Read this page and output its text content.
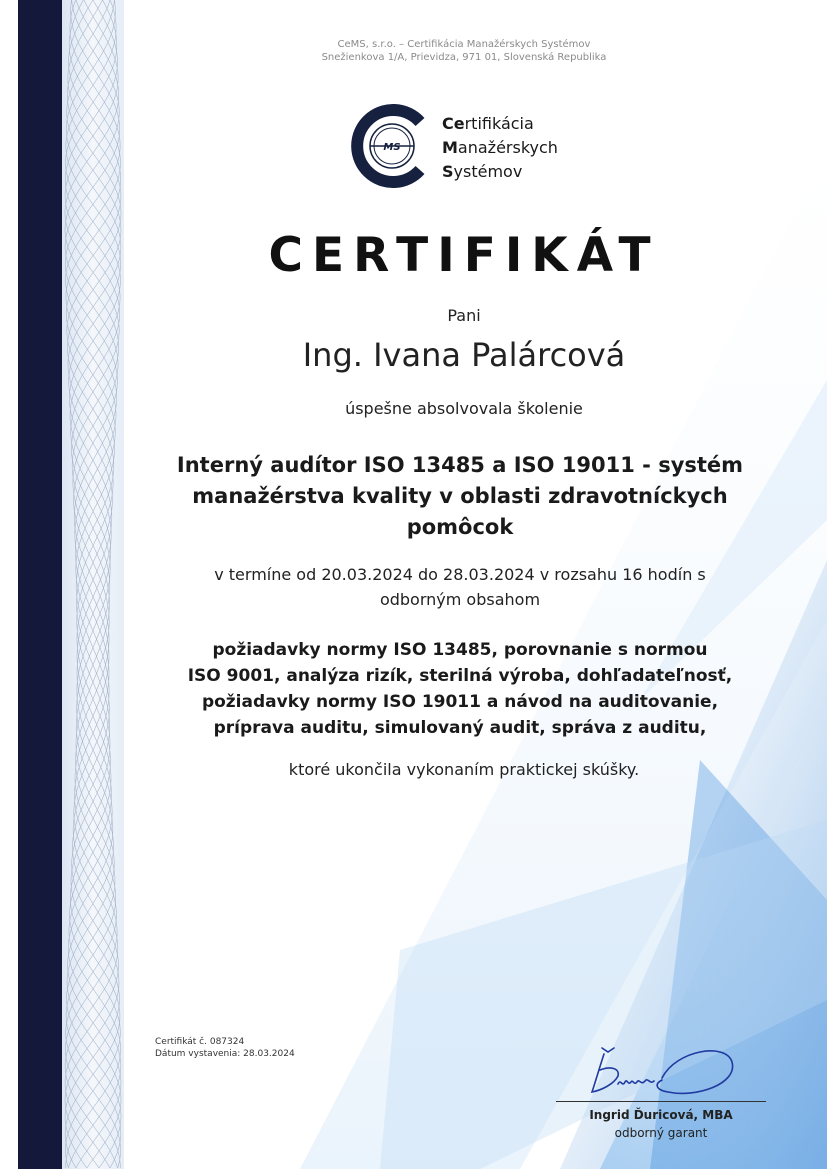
CeMS, s.r.o. – Certifikácia Manažérskych Systémov
Snežienkova 1/A, Prievidza, 971 01, Slovenská Republika
MS
Certifikácia
Manažérskych
Systémov
CERTIFIKÁT
Pani
Ing. Ivana Palárcová
úspešne absolvovala školenie
Interný audítor ISO 13485 a ISO 19011 - systém
manažérstva kvality v oblasti zdravotníckych
pomôcok
v termíne od 20.03.2024 do 28.03.2024 v rozsahu 16 hodín s
odborným obsahom
požiadavky normy ISO 13485, porovnanie s normou
ISO 9001, analýza rizík, sterilná výroba, dohľadateľnosť,
požiadavky normy ISO 19011 a návod na auditovanie,
príprava auditu, simulovaný audit, správa z auditu,
ktoré ukončila vykonaním praktickej skúšky.
Certifikát č. 087324
Dátum vystavenia: 28.03.2024
Ingrid Ďuricová, MBA
odborný garant
